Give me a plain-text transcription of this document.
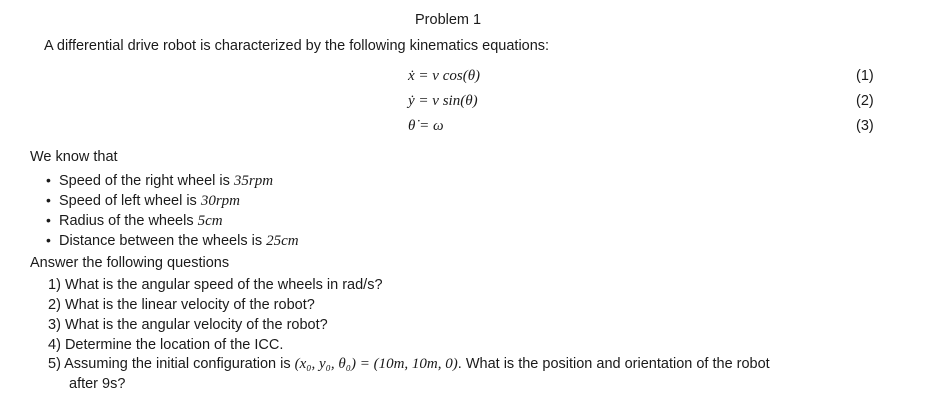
Problem 1
A differential drive robot is characterized by the following kinematics equations:
ẋ = v cos(θ)	(1)
ẏ = v sin(θ)	(2)
θ̇ = ω	(3)
We know that
• Speed of the right wheel is 35rpm
• Speed of left wheel is 30rpm
• Radius of the wheels 5cm
• Distance between the wheels is 25cm
Answer the following questions
1) What is the angular speed of the wheels in rad/s?
2) What is the linear velocity of the robot?
3) What is the angular velocity of the robot?
4) Determine the location of the ICC.
5) Assuming the initial configuration is (x₀, y₀, θ₀) = (10m, 10m, 0). What is the position and orientation of the robot
after 9s?
